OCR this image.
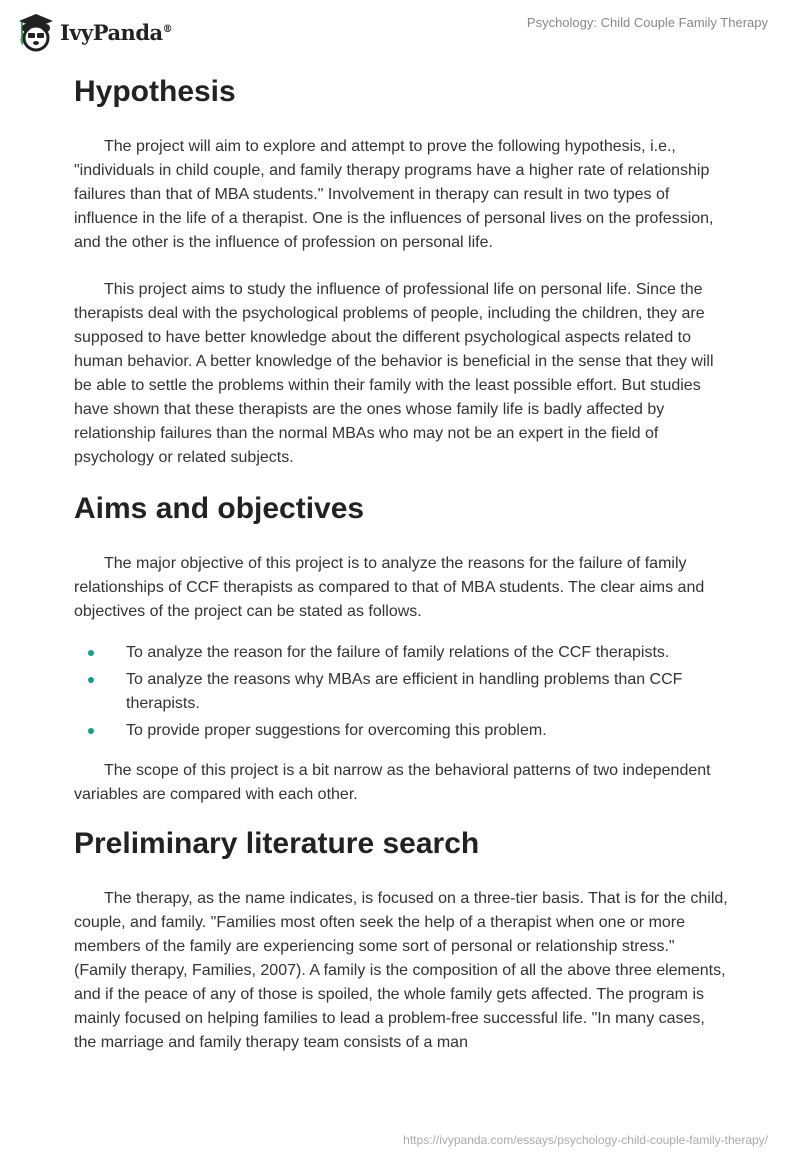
IvyPanda®	Psychology: Child Couple Family Therapy
Hypothesis

The project will aim to explore and attempt to prove the following hypothesis, i.e., "individuals in child couple, and family therapy programs have a higher rate of relationship failures than that of MBA students." Involvement in therapy can result in two types of influence in the life of a therapist. One is the influences of personal lives on the profession, and the other is the influence of profession on personal life.

This project aims to study the influence of professional life on personal life. Since the therapists deal with the psychological problems of people, including the children, they are supposed to have better knowledge about the different psychological aspects related to human behavior. A better knowledge of the behavior is beneficial in the sense that they will be able to settle the problems within their family with the least possible effort. But studies have shown that these therapists are the ones whose family life is badly affected by relationship failures than the normal MBAs who may not be an expert in the field of psychology or related subjects.

Aims and objectives

The major objective of this project is to analyze the reasons for the failure of family relationships of CCF therapists as compared to that of MBA students. The clear aims and objectives of the project can be stated as follows.

To analyze the reason for the failure of family relations of the CCF therapists.
To analyze the reasons why MBAs are efficient in handling problems than CCF therapists.
To provide proper suggestions for overcoming this problem.

The scope of this project is a bit narrow as the behavioral patterns of two independent variables are compared with each other.

Preliminary literature search

The therapy, as the name indicates, is focused on a three-tier basis. That is for the child, couple, and family. "Families most often seek the help of a therapist when one or more members of the family are experiencing some sort of personal or relationship stress." (Family therapy, Families, 2007). A family is the composition of all the above three elements, and if the peace of any of those is spoiled, the whole family gets affected. The program is mainly focused on helping families to lead a problem-free successful life. "In many cases, the marriage and family therapy team consists of a man

https://ivypanda.com/essays/psychology-child-couple-family-therapy/
